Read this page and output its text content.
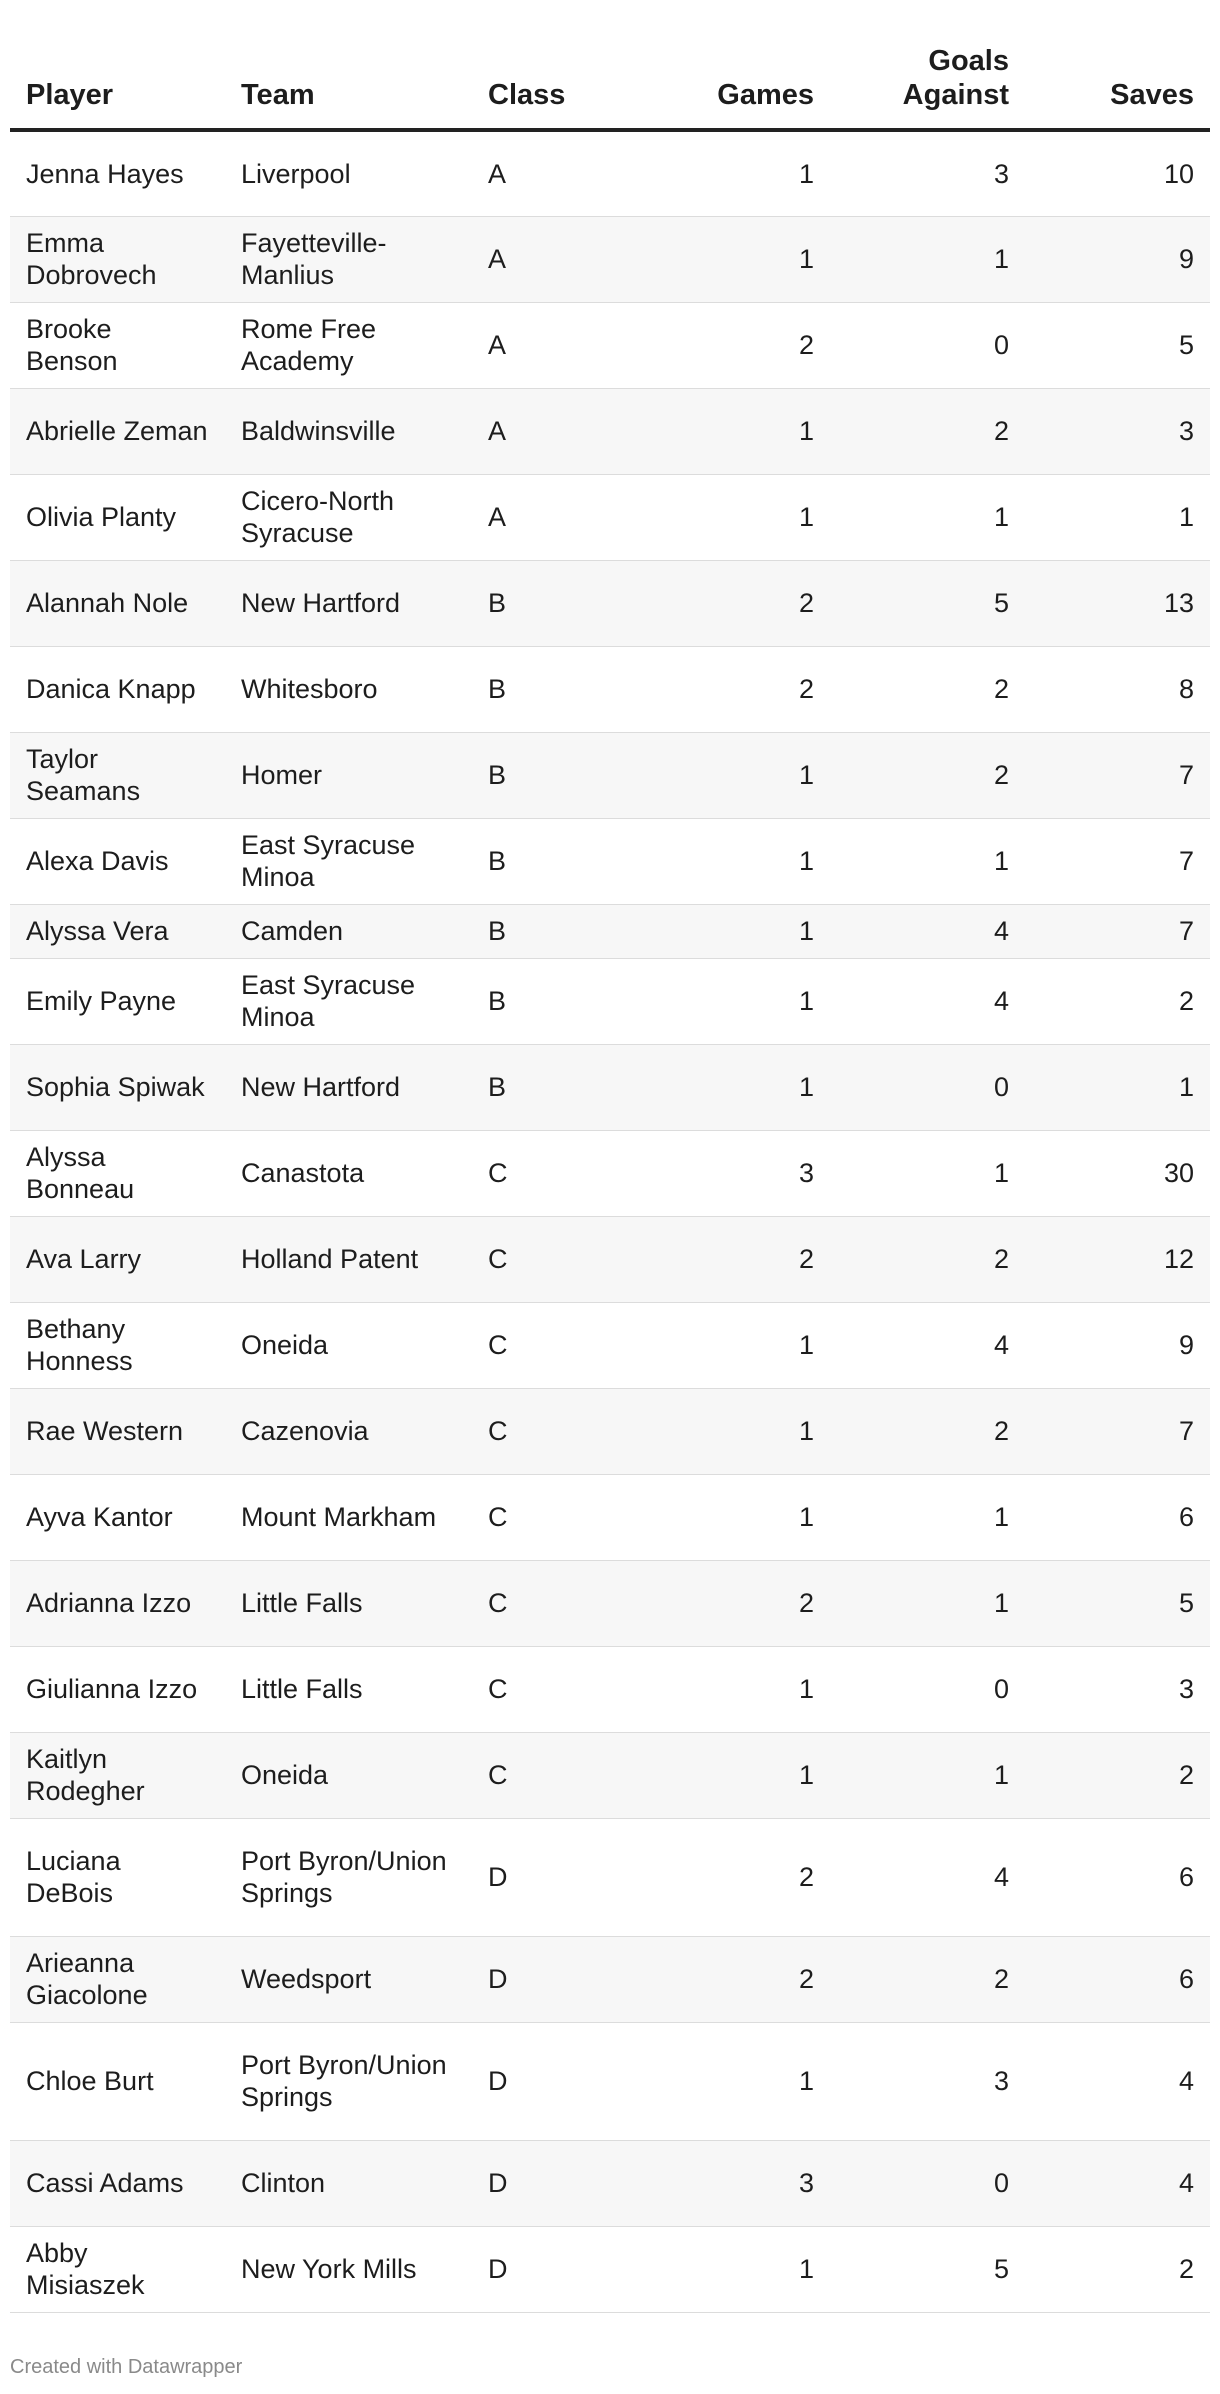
Player	Team	Class	Games	Goals Against	Saves
Jenna Hayes	Liverpool	A	1	3	10
Emma Dobrovech	Fayetteville-Manlius	A	1	1	9
Brooke Benson	Rome Free Academy	A	2	0	5
Abrielle Zeman	Baldwinsville	A	1	2	3
Olivia Planty	Cicero-North Syracuse	A	1	1	1
Alannah Nole	New Hartford	B	2	5	13
Danica Knapp	Whitesboro	B	2	2	8
Taylor Seamans	Homer	B	1	2	7
Alexa Davis	East Syracuse Minoa	B	1	1	7
Alyssa Vera	Camden	B	1	4	7
Emily Payne	East Syracuse Minoa	B	1	4	2
Sophia Spiwak	New Hartford	B	1	0	1
Alyssa Bonneau	Canastota	C	3	1	30
Ava Larry	Holland Patent	C	2	2	12
Bethany Honness	Oneida	C	1	4	9
Rae Western	Cazenovia	C	1	2	7
Ayva Kantor	Mount Markham	C	1	1	6
Adrianna Izzo	Little Falls	C	2	1	5
Giulianna Izzo	Little Falls	C	1	0	3
Kaitlyn Rodegher	Oneida	C	1	1	2
Luciana DeBois	Port Byron/Union Springs	D	2	4	6
Arieanna Giacolone	Weedsport	D	2	2	6
Chloe Burt	Port Byron/Union Springs	D	1	3	4
Cassi Adams	Clinton	D	3	0	4
Abby Misiaszek	New York Mills	D	1	5	2
Created with Datawrapper
